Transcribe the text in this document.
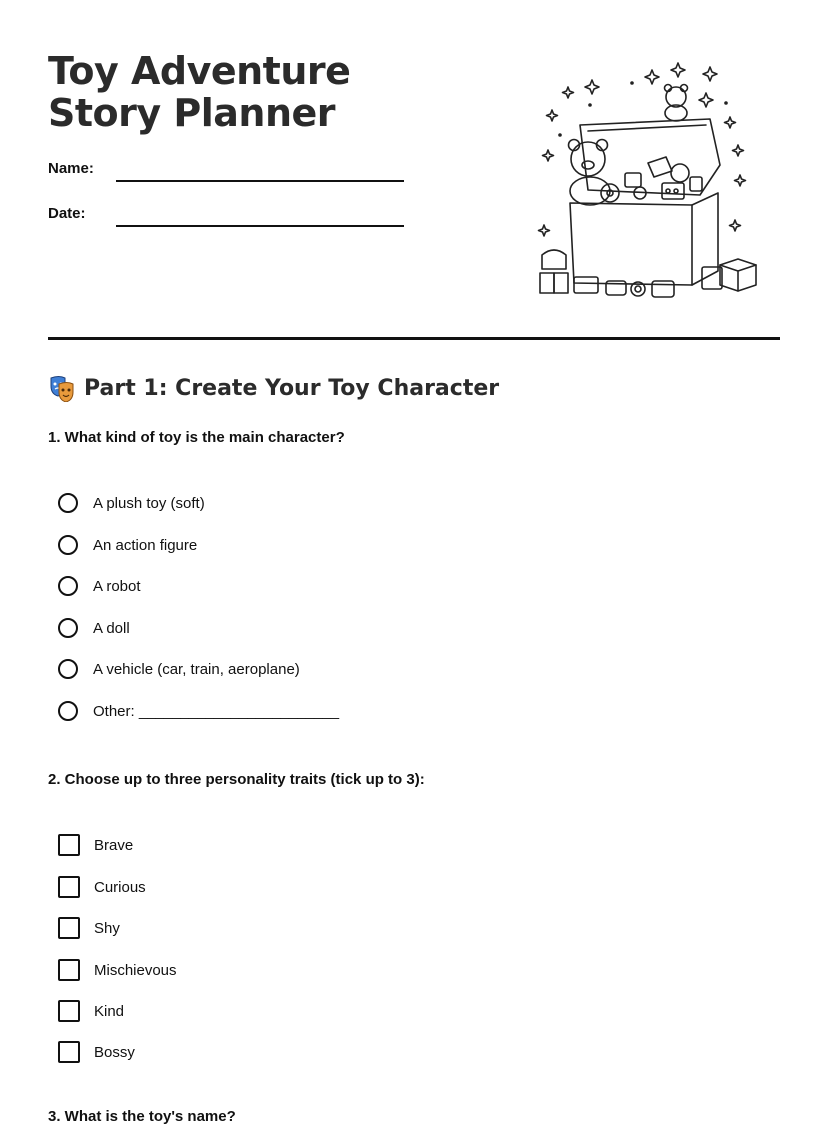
Toy Adventure Story Planner
Name:
Date:
Part 1: Create Your Toy Character
1. What kind of toy is the main character?
A plush toy (soft)
An action figure
A robot
A doll
A vehicle (car, train, aeroplane)
Other: ________________________
2. Choose up to three personality traits (tick up to 3):
Brave
Curious
Shy
Mischievous
Kind
Bossy
3. What is the toy's name?
